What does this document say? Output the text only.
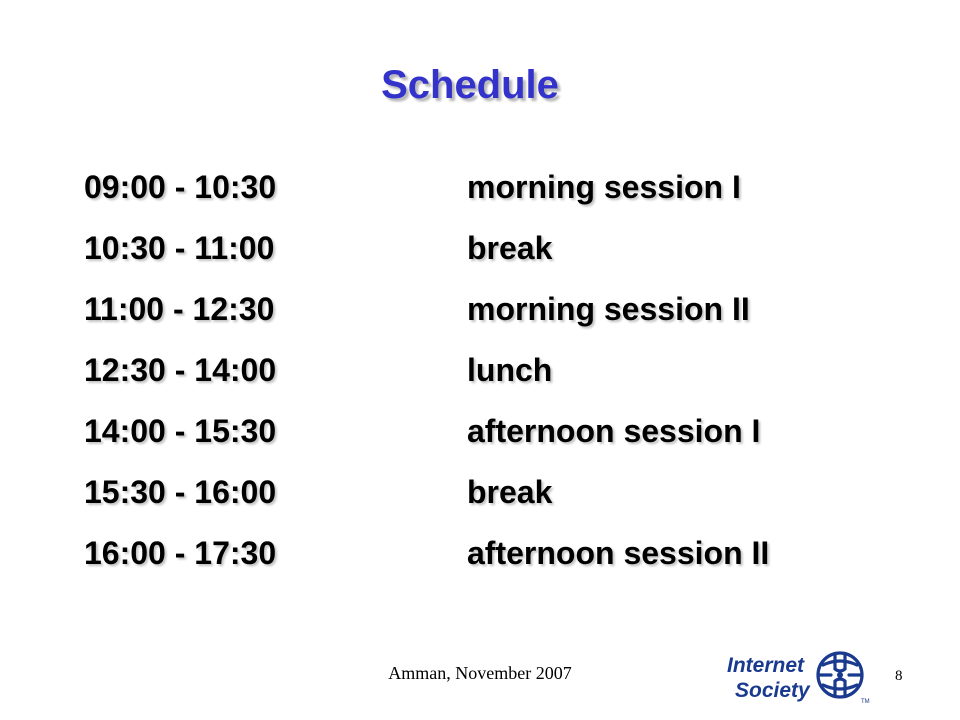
Schedule
09:00 - 10:30	morning session I
10:30 - 11:00	break
11:00 - 12:30	morning session II
12:30 - 14:00	lunch
14:00 - 15:30	afternoon session I
15:30 - 16:00	break
16:00 - 17:30	afternoon session II
Amman, November 2007	Internet
Society	TM
8
